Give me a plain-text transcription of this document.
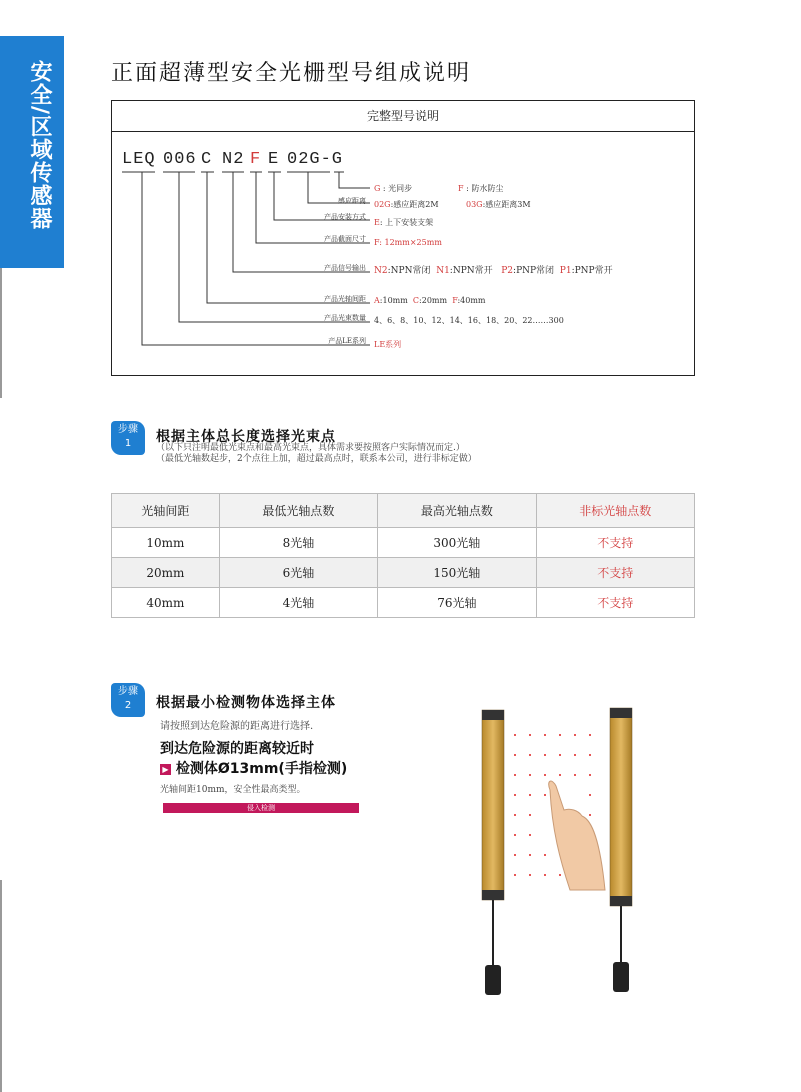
安全/区域传感器	正面超薄型安全光栅型号组成说明
完整型号说明
LEQ 006 C N2 F E 02G-G
感应距离
产品安装方式
产品截面尺寸
产品信号输出
产品光轴间距
产品光束数量
产品LE系列
G : 光同步	F : 防水防尘
02G:感应距离2M	03G:感应距离3M
E: 上下安装支架
F: 12mm×25mm
N2:NPN常闭 N1:NPN常开 P2:PNP常闭 P1:PNP常开
A:10mm  C:20mm  F:40mm
4、6、8、10、12、14、16、18、20、22……300
LE系列
步骤
1	根据主体总长度选择光束点
（以下只注明最低光束点和最高光束点，具体需求要按照客户实际情况而定.）
（最低光轴数起步，2个点往上加，超过最高点时，联系本公司，进行非标定做）
光轴间距	最低光轴点数	最高光轴点数	非标光轴点数
10mm	8光轴	300光轴	不支持
20mm	6光轴	150光轴	不支持
40mm	4光轴	76光轴	不支持
步骤
2	根据最小检测物体选择主体
请按照到达危险源的距离进行选择.
到达危险源的距离较近时
▶ 检测体Ø13mm(手指检测)
光轴间距10mm，安全性最高类型。
侵入检测
